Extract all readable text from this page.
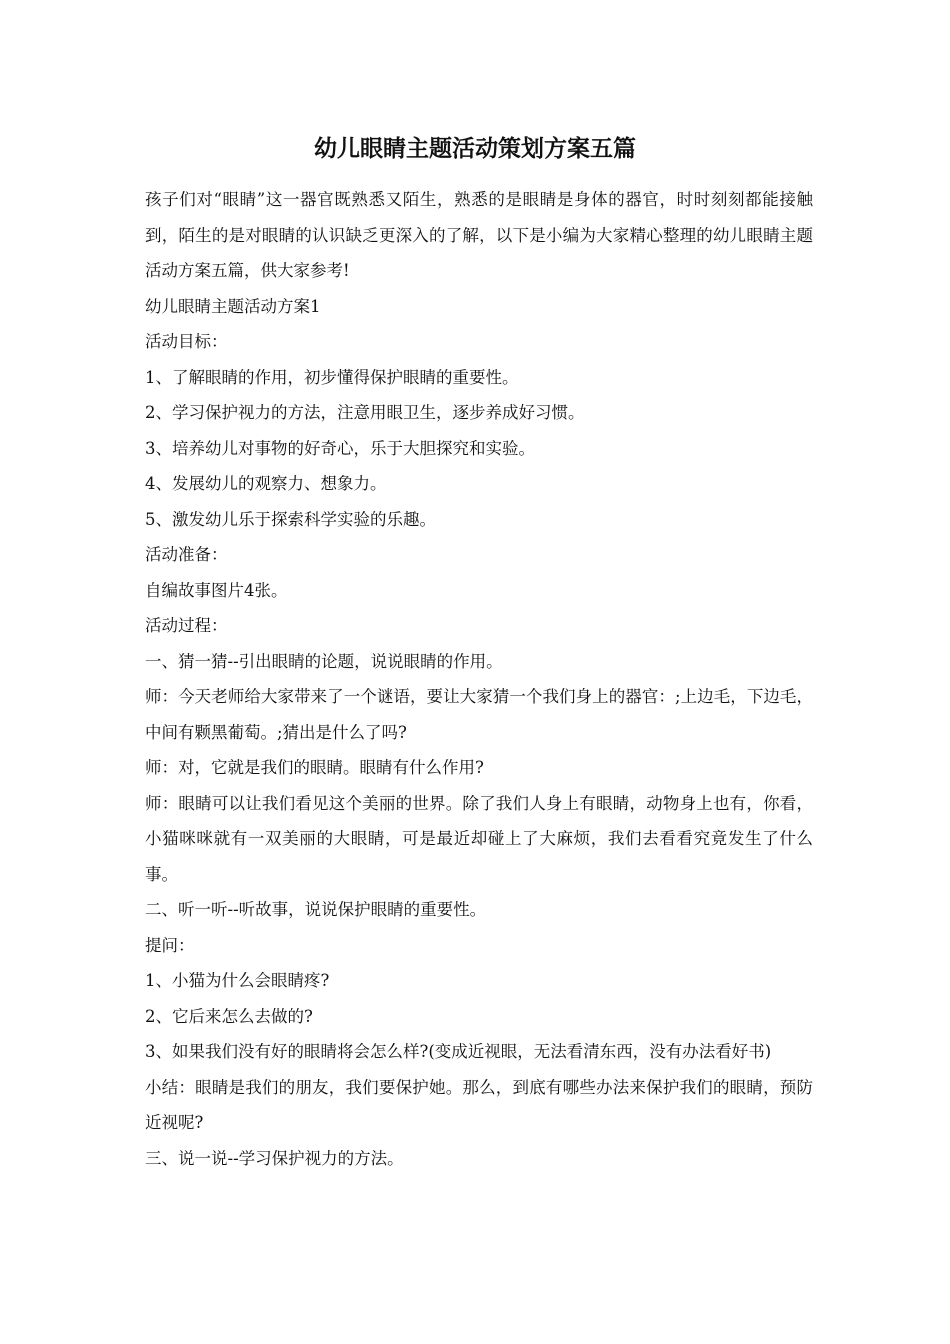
幼儿眼睛主题活动策划方案五篇

孩子们对“眼睛”这一器官既熟悉又陌生，熟悉的是眼睛是身体的器官，时时刻刻都能接触到，陌生的是对眼睛的认识缺乏更深入的了解，以下是小编为大家精心整理的幼儿眼睛主题活动方案五篇，供大家参考!

幼儿眼睛主题活动方案1

活动目标：

1、了解眼睛的作用，初步懂得保护眼睛的重要性。

2、学习保护视力的方法，注意用眼卫生，逐步养成好习惯。

3、培养幼儿对事物的好奇心，乐于大胆探究和实验。

4、发展幼儿的观察力、想象力。

5、激发幼儿乐于探索科学实验的乐趣。

活动准备：

自编故事图片4张。

活动过程：

一、猜一猜--引出眼睛的论题，说说眼睛的作用。

师：今天老师给大家带来了一个谜语，要让大家猜一个我们身上的器官：;上边毛，下边毛，中间有颗黑葡萄。;猜出是什么了吗?

师：对，它就是我们的眼睛。眼睛有什么作用?

师：眼睛可以让我们看见这个美丽的世界。除了我们人身上有眼睛，动物身上也有，你看，小猫咪咪就有一双美丽的大眼睛，可是最近却碰上了大麻烦，我们去看看究竟发生了什么事。

二、听一听--听故事，说说保护眼睛的重要性。

提问：

1、小猫为什么会眼睛疼?

2、它后来怎么去做的?

3、如果我们没有好的眼睛将会怎么样?(变成近视眼，无法看清东西，没有办法看好书)

小结：眼睛是我们的朋友，我们要保护她。那么，到底有哪些办法来保护我们的眼睛，预防近视呢?

三、说一说--学习保护视力的方法。
